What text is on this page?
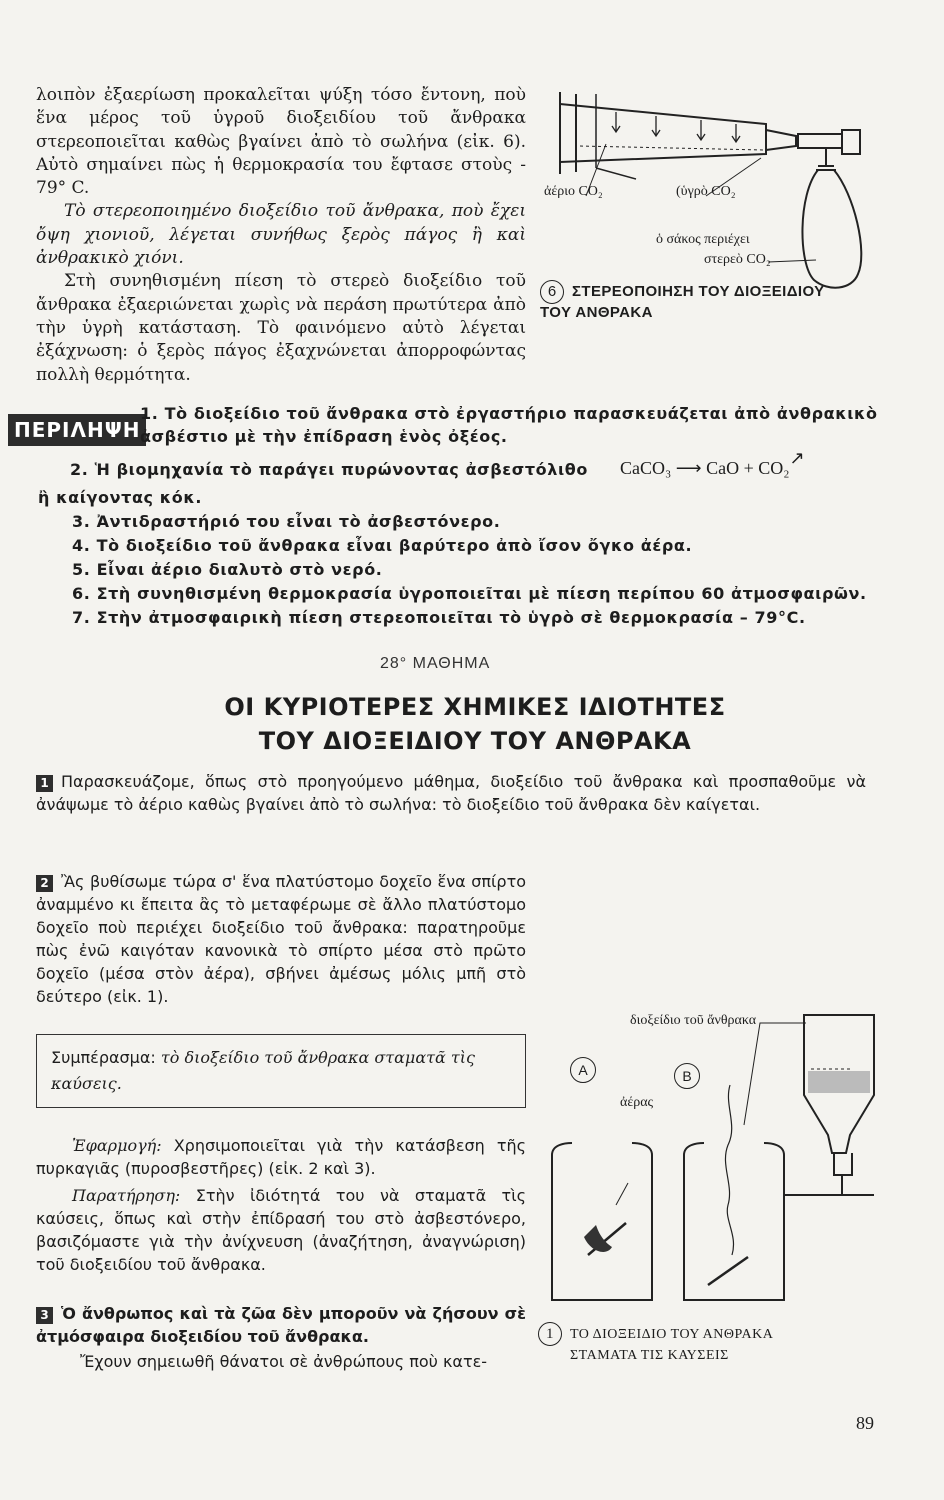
λοιπὸν ἐξαερίωση προκαλεῖται ψύξη τόσο ἔντονη, ποὺ ἕνα μέρος τοῦ ὑγροῦ διοξειδίου τοῦ ἄνθρακα στερεοποιεῖται καθὼς βγαίνει ἀπὸ τὸ σωλήνα (εἰκ. 6). Αὐτὸ σημαίνει πὼς ἡ θερμοκρασία του ἔφτασε στοὺς - 79° C.

Τὸ στερεοποιημένο διοξείδιο τοῦ ἄνθρακα, ποὺ ἔχει ὄψη χιονιοῦ, λέγεται συνήθως ξερὸς πάγος ἢ καὶ ἀνθρακικὸ χιόνι.

Στὴ συνηθισμένη πίεση τὸ στερεὸ διοξείδιο τοῦ ἄνθρακα ἐξαεριώνεται χωρὶς νὰ περάση πρωτύτερα ἀπὸ τὴν ὑγρὴ κατάσταση. Τὸ φαινόμενο αὐτὸ λέγεται ἐξάχνωση: ὁ ξερὸς πάγος ἐξαχνώνεται ἀπορροφώντας πολλὴ θερμότητα.

ἀέριο CO₂	(ὑγρὸ CO₂
ὁ σάκος περιέχει
στερεὸ CO₂
6 ΣΤΕΡΕΟΠΟΙΗΣΗ ΤΟΥ ΔΙΟΞΕΙΔΙΟΥ
ΤΟΥ ΑΝΘΡΑΚΑ
ΠΕΡΙΛΗΨΗ
1. Τὸ διοξείδιο τοῦ ἄνθρακα στὸ ἐργαστήριο παρασκευάζεται ἀπὸ ἀνθρακικὸ
ἀσβέστιο μὲ τὴν ἐπίδραση ἑνὸς ὀξέος.
2. Ἡ βιομηχανία τὸ παράγει πυρώνοντας ἀσβεστόλιθο CaCO₃ ⟶ CaO + CO₂↗
ἢ καίγοντας κόκ.
3. Ἀντιδραστήριό του εἶναι τὸ ἀσβεστόνερο.
4. Τὸ διοξείδιο τοῦ ἄνθρακα εἶναι βαρύτερο ἀπὸ ἴσον ὄγκο ἀέρα.
5. Εἶναι ἀέριο διαλυτὸ στὸ νερό.
6. Στὴ συνηθισμένη θερμοκρασία ὑγροποιεῖται μὲ πίεση περίπου 60 ἀτμοσφαιρῶν.
7. Στὴν ἀτμοσφαιρικὴ πίεση στερεοποιεῖται τὸ ὑγρὸ σὲ θερμοκρασία – 79°C.
28° ΜΑΘΗΜΑ
ΟΙ ΚΥΡΙΟΤΕΡΕΣ ΧΗΜΙΚΕΣ ΙΔΙΟΤΗΤΕΣ
ΤΟΥ ΔΙΟΞΕΙΔΙΟΥ ΤΟΥ ΑΝΘΡΑΚΑ

1 Παρασκευάζομε, ὅπως στὸ προηγούμενο μάθημα, διοξείδιο τοῦ ἄνθρακα καὶ προσπαθοῦμε νὰ ἀνάψωμε τὸ ἀέριο καθὼς βγαίνει ἀπὸ τὸ σωλήνα: τὸ διοξείδιο τοῦ ἄνθρακα δὲν καίγεται.

2 Ἂς βυθίσωμε τώρα σ' ἕνα πλατύστομο δοχεῖο ἕνα σπίρτο ἀναμμένο κι ἔπειτα ἂς τὸ μεταφέρωμε σὲ ἄλλο πλατύστομο δοχεῖο ποὺ περιέχει διοξείδιο τοῦ ἄνθρακα: παρατηροῦμε πὼς ἐνῶ καιγόταν κανονικὰ τὸ σπίρτο μέσα στὸ πρῶτο δοχεῖο (μέσα στὸν ἀέρα), σβήνει ἀμέσως μόλις μπῆ στὸ δεύτερο (εἰκ. 1).

Συμπέρασμα: τὸ διοξείδιο τοῦ ἄνθρακα σταματᾶ τὶς καύσεις.

Ἐφαρμογή: Χρησιμοποιεῖται γιὰ τὴν κατάσβεση τῆς πυρκαγιᾶς (πυροσβεστῆρες) (εἰκ. 2 καὶ 3).

Παρατήρηση: Στὴν ἰδιότητά του νὰ σταματᾶ τὶς καύσεις, ὅπως καὶ στὴν ἐπίδρασή του στὸ ἀσβεστόνερο, βασιζόμαστε γιὰ τὴν ἀνίχνευση (ἀναζήτηση, ἀναγνώριση) τοῦ διοξειδίου τοῦ ἄνθρακα.

3 Ὁ ἄνθρωπος καὶ τὰ ζῶα δὲν μποροῦν νὰ ζήσουν σὲ ἀτμόσφαιρα διοξειδίου τοῦ ἄνθρακα.

Ἔχουν σημειωθῆ θάνατοι σὲ ἀνθρώπους ποὺ κατε-

διοξείδιο τοῦ ἄνθρακα
ἀέρας
A	B
1 ΤΟ ΔΙΟΞΕΙΔΙΟ ΤΟΥ ΑΝΘΡΑΚΑ
ΣΤΑΜΑΤΑ ΤΙΣ ΚΑΥΣΕΙΣ
89
